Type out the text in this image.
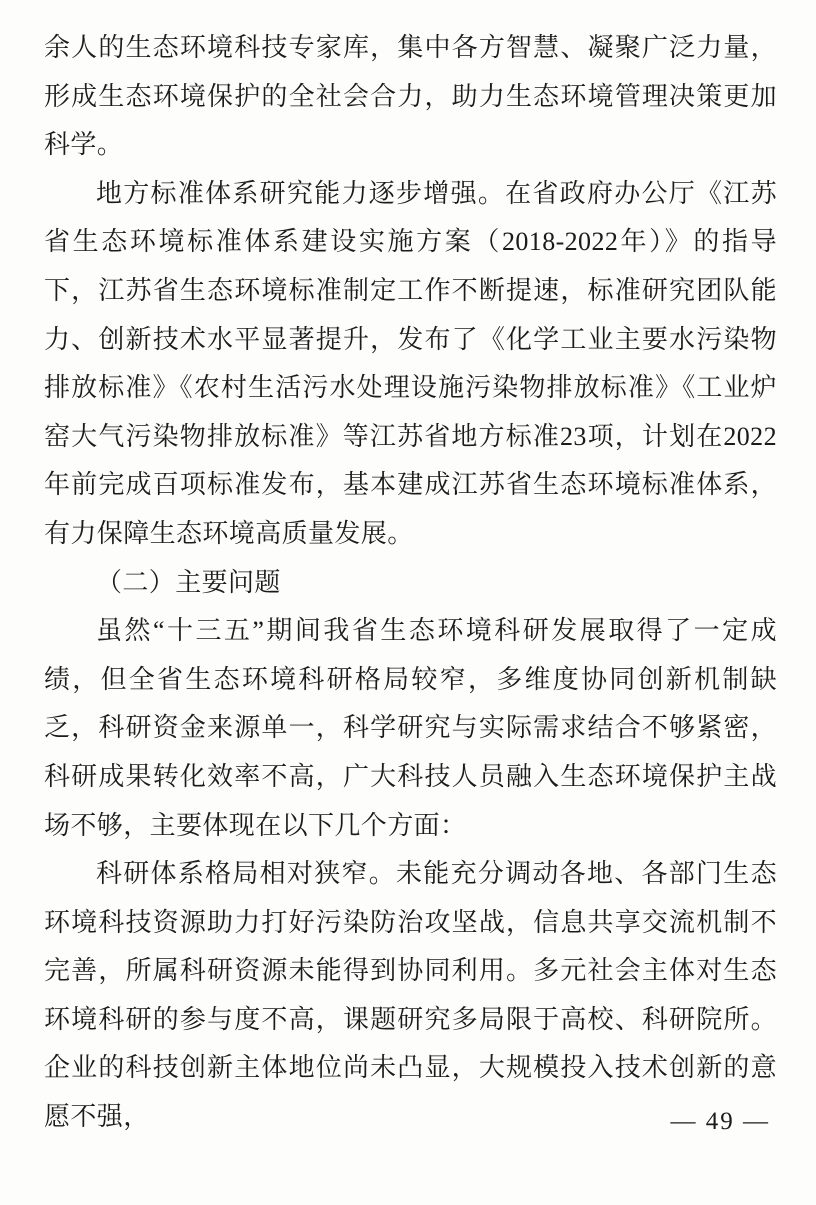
余人的生态环境科技专家库，集中各方智慧、凝聚广泛力量，形成生态环境保护的全社会合力，助力生态环境管理决策更加科学。

地方标准体系研究能力逐步增强。在省政府办公厅《江苏省生态环境标准体系建设实施方案（2018-2022年）》的指导下，江苏省生态环境标准制定工作不断提速，标准研究团队能力、创新技术水平显著提升，发布了《化学工业主要水污染物排放标准》《农村生活污水处理设施污染物排放标准》《工业炉窑大气污染物排放标准》等江苏省地方标准23项，计划在2022年前完成百项标准发布，基本建成江苏省生态环境标准体系，有力保障生态环境高质量发展。

（二）主要问题

虽然“十三五”期间我省生态环境科研发展取得了一定成绩，但全省生态环境科研格局较窄，多维度协同创新机制缺乏，科研资金来源单一，科学研究与实际需求结合不够紧密，科研成果转化效率不高，广大科技人员融入生态环境保护主战场不够，主要体现在以下几个方面：

科研体系格局相对狭窄。未能充分调动各地、各部门生态环境科技资源助力打好污染防治攻坚战，信息共享交流机制不完善，所属科研资源未能得到协同利用。多元社会主体对生态环境科研的参与度不高，课题研究多局限于高校、科研院所。企业的科技创新主体地位尚未凸显，大规模投入技术创新的意愿不强，	— 49 —
